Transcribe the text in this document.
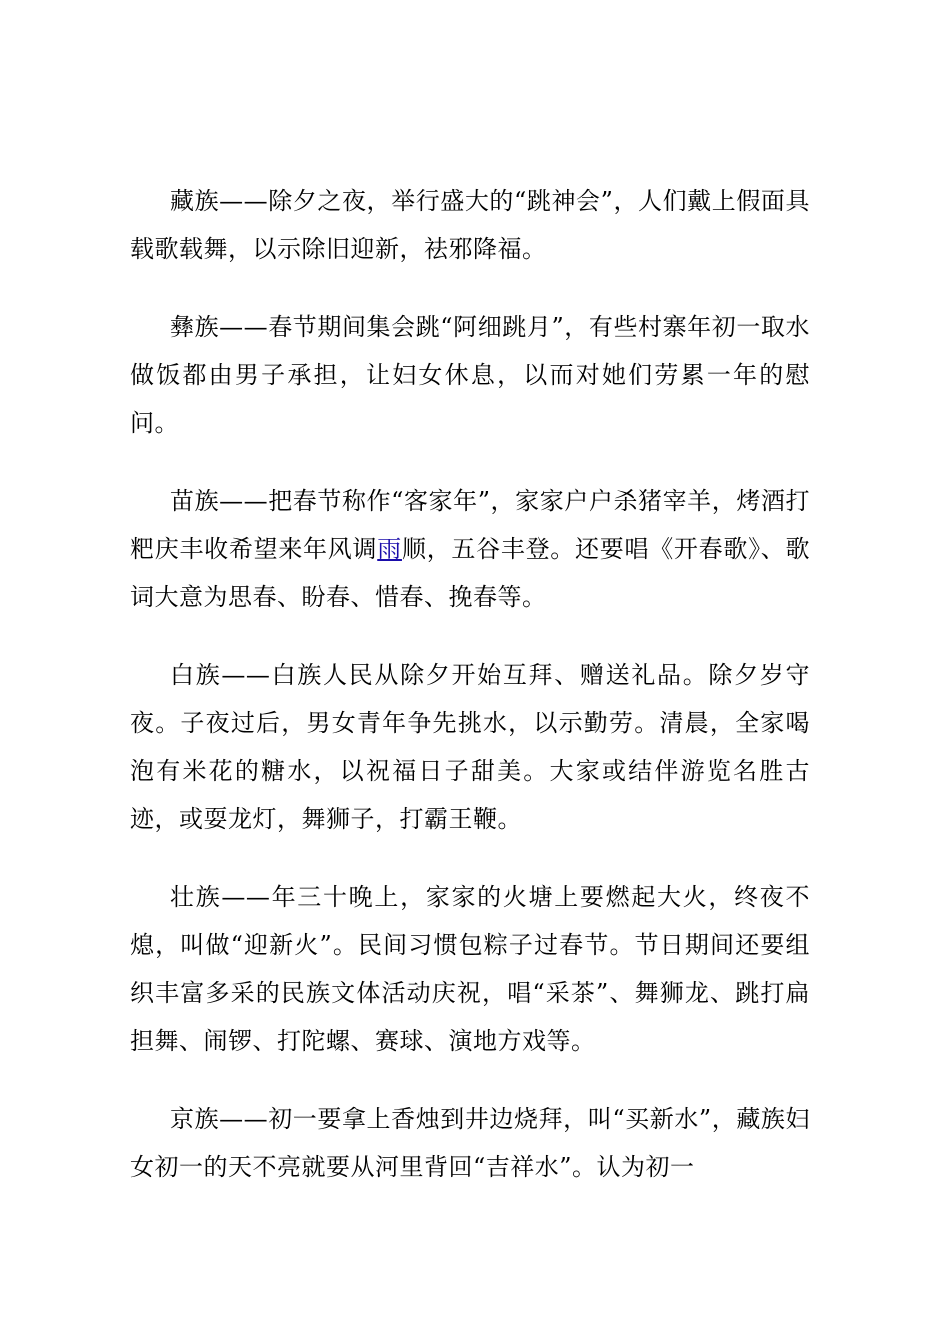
藏族——除夕之夜，举行盛大的“跳神会”，人们戴上假面具载歌载舞，以示除旧迎新，祛邪降福。

彝族——春节期间集会跳“阿细跳月”，有些村寨年初一取水做饭都由男子承担，让妇女休息，以而对她们劳累一年的慰问。

苗族——把春节称作“客家年”，家家户户杀猪宰羊，烤酒打粑庆丰收希望来年风调雨顺，五谷丰登。还要唱《开春歌》、歌词大意为思春、盼春、惜春、挽春等。

白族——白族人民从除夕开始互拜、赠送礼品。除夕岁守夜。子夜过后，男女青年争先挑水，以示勤劳。清晨，全家喝泡有米花的糖水，以祝福日子甜美。大家或结伴游览名胜古迹，或耍龙灯，舞狮子，打霸王鞭。

壮族——年三十晚上，家家的火塘上要燃起大火，终夜不熄，叫做“迎新火”。民间习惯包粽子过春节。节日期间还要组织丰富多采的民族文体活动庆祝，唱“采茶”、舞狮龙、跳打扁担舞、闹锣、打陀螺、赛球、演地方戏等。

京族——初一要拿上香烛到井边烧拜，叫“买新水”，藏族妇女初一的天不亮就要从河里背回“吉祥水”。认为初一
